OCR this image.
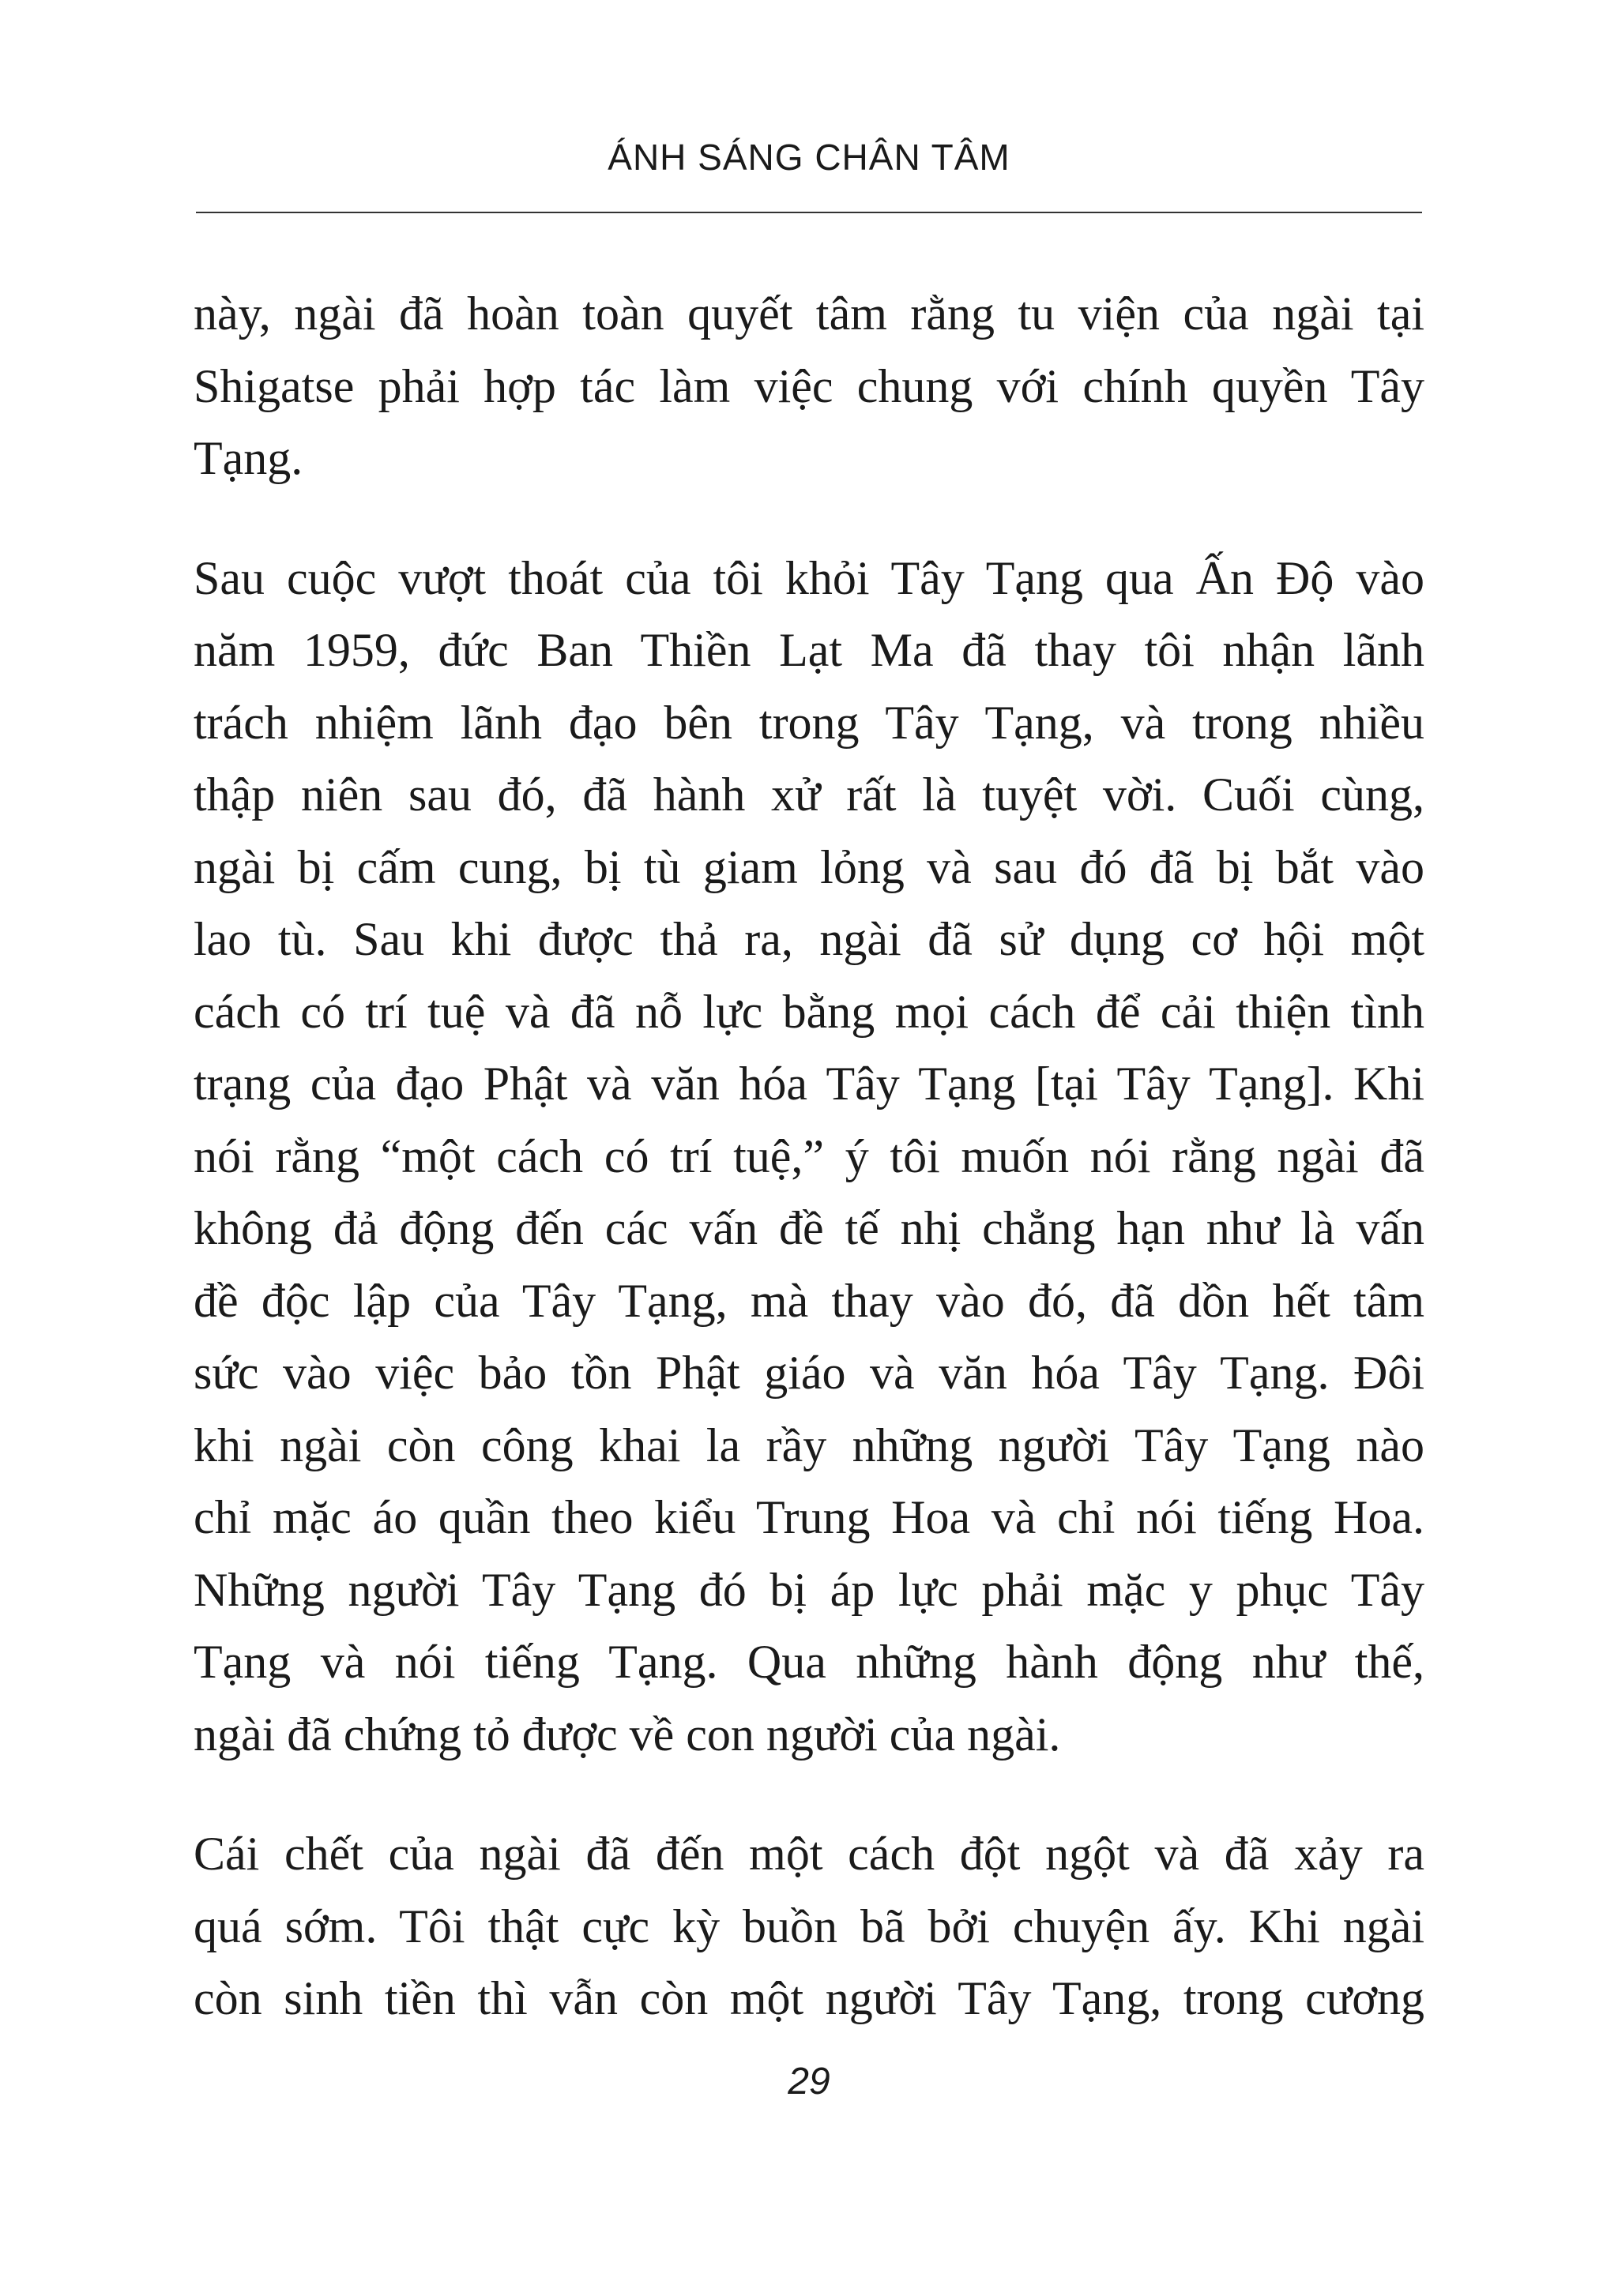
ÁNH SÁNG CHÂN TÂM

này, ngài đã hoàn toàn quyết tâm rằng tu viện của ngài tại
Shigatse phải hợp tác làm việc chung với chính quyền Tây
Tạng.

Sau cuộc vượt thoát của tôi khỏi Tây Tạng qua Ấn Độ vào
năm 1959, đức Ban Thiền Lạt Ma đã thay tôi nhận lãnh
trách nhiệm lãnh đạo bên trong Tây Tạng, và trong nhiều
thập niên sau đó, đã hành xử rất là tuyệt vời. Cuối cùng,
ngài bị cấm cung, bị tù giam lỏng và sau đó đã bị bắt vào
lao tù. Sau khi được thả ra, ngài đã sử dụng cơ hội một
cách có trí tuệ và đã nỗ lực bằng mọi cách để cải thiện tình
trạng của đạo Phật và văn hóa Tây Tạng [tại Tây Tạng]. Khi
nói rằng “một cách có trí tuệ,” ý tôi muốn nói rằng ngài đã
không đả động đến các vấn đề tế nhị chẳng hạn như là vấn
đề độc lập của Tây Tạng, mà thay vào đó, đã dồn hết tâm
sức vào việc bảo tồn Phật giáo và văn hóa Tây Tạng. Đôi
khi ngài còn công khai la rầy những người Tây Tạng nào
chỉ mặc áo quần theo kiểu Trung Hoa và chỉ nói tiếng Hoa.
Những người Tây Tạng đó bị áp lực phải mặc y phục Tây
Tạng và nói tiếng Tạng. Qua những hành động như thế,
ngài đã chứng tỏ được về con người của ngài.

Cái chết của ngài đã đến một cách đột ngột và đã xảy ra
quá sớm. Tôi thật cực kỳ buồn bã bởi chuyện ấy. Khi ngài
còn sinh tiền thì vẫn còn một người Tây Tạng, trong cương

29
